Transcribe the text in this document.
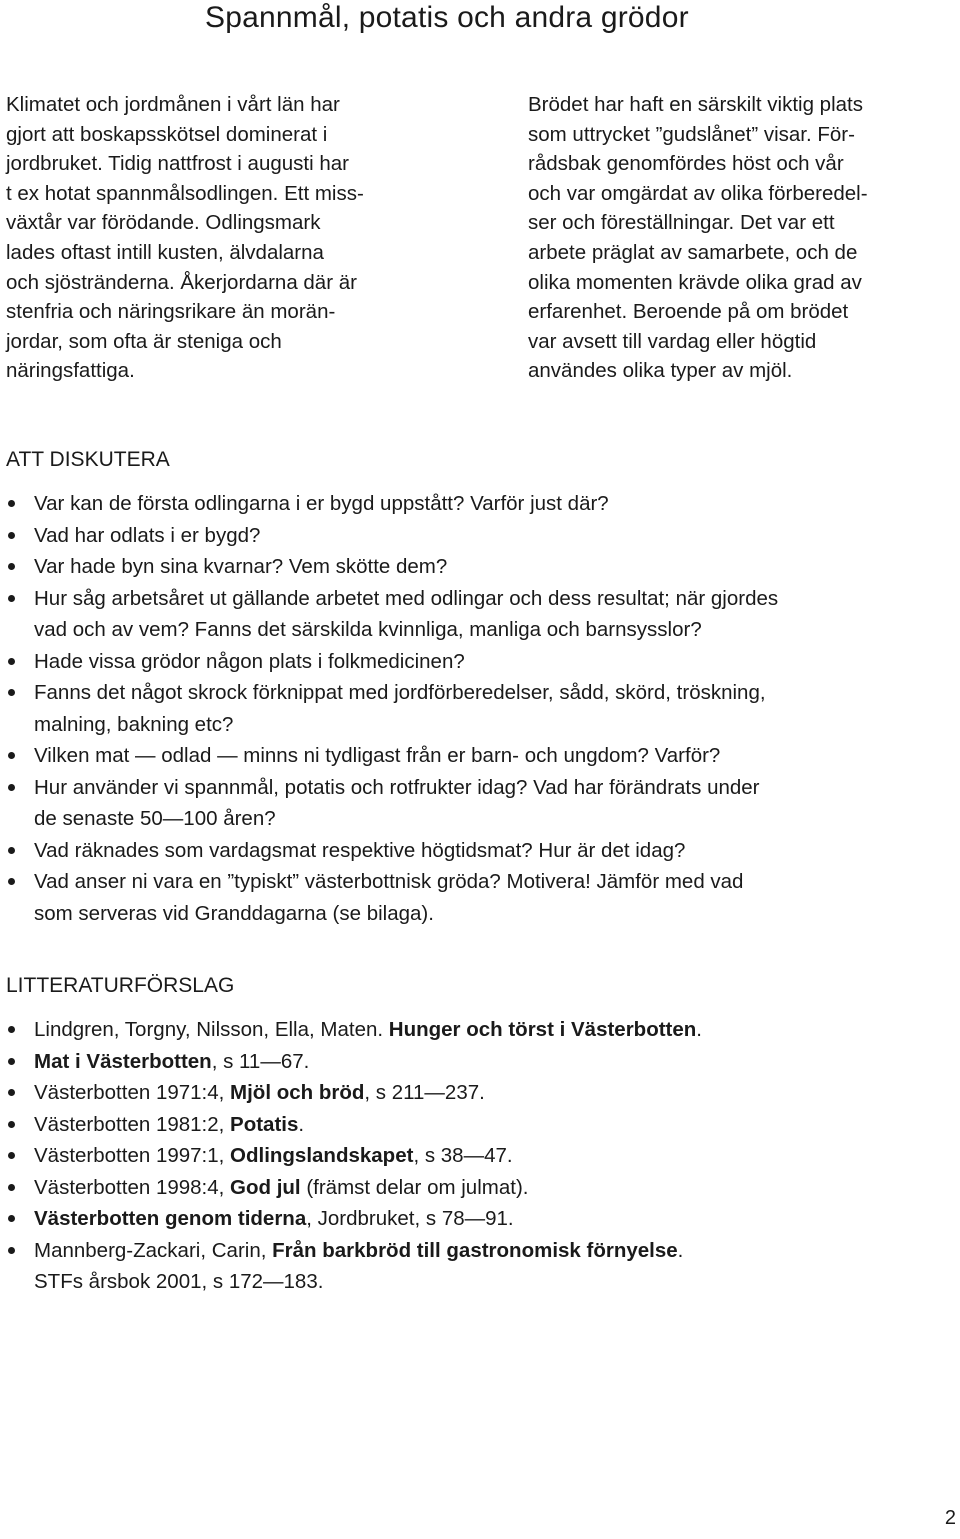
Spannmål, potatis och andra grödor

Klimatet och jordmånen i vårt län har
gjort att boskapsskötsel dominerat i
jordbruket. Tidig nattfrost i augusti har
t ex hotat spannmålsodlingen. Ett miss-
växtår var förödande. Odlingsmark
lades oftast intill kusten, älvdalarna
och sjöstränderna. Åkerjordarna där är
stenfria och näringsrikare än morän-
jordar, som ofta är steniga och
näringsfattiga.

Brödet har haft en särskilt viktig plats
som uttrycket ”gudslånet” visar. För-
rådsbak genomfördes höst och vår
och var omgärdat av olika förberedel-
ser och föreställningar. Det var ett
arbete präglat av samarbete, och de
olika momenten krävde olika grad av
erfarenhet. Beroende på om brödet
var avsett till vardag eller högtid
användes olika typer av mjöl.

ATT DISKUTERA
Var kan de första odlingarna i er bygd uppstått? Varför just där?
Vad har odlats i er bygd?
Var hade byn sina kvarnar? Vem skötte dem?
Hur såg arbetsåret ut gällande arbetet med odlingar och dess resultat; när gjordes
vad och av vem? Fanns det särskilda kvinnliga, manliga och barnsysslor?
Hade vissa grödor någon plats i folkmedicinen?
Fanns det något skrock förknippat med jordförberedelser, sådd, skörd, tröskning,
malning, bakning etc?
Vilken mat — odlad — minns ni tydligast från er barn- och ungdom? Varför?
Hur använder vi spannmål, potatis och rotfrukter idag? Vad har förändrats under
de senaste 50—100 åren?
Vad räknades som vardagsmat respektive högtidsmat? Hur är det idag?
Vad anser ni vara en ”typiskt” västerbottnisk gröda? Motivera! Jämför med vad
som serveras vid Granddagarna (se bilaga).
LITTERATURFÖRSLAG
Lindgren, Torgny, Nilsson, Ella, Maten. Hunger och törst i Västerbotten.
Mat i Västerbotten, s 11—67.
Västerbotten 1971:4, Mjöl och bröd, s 211—237.
Västerbotten 1981:2, Potatis.
Västerbotten 1997:1, Odlingslandskapet, s 38—47.
Västerbotten 1998:4, God jul (främst delar om julmat).
Västerbotten genom tiderna, Jordbruket, s 78—91.
Mannberg-Zackari, Carin, Från barkbröd till gastronomisk förnyelse.
STFs årsbok 2001, s 172—183.
2
